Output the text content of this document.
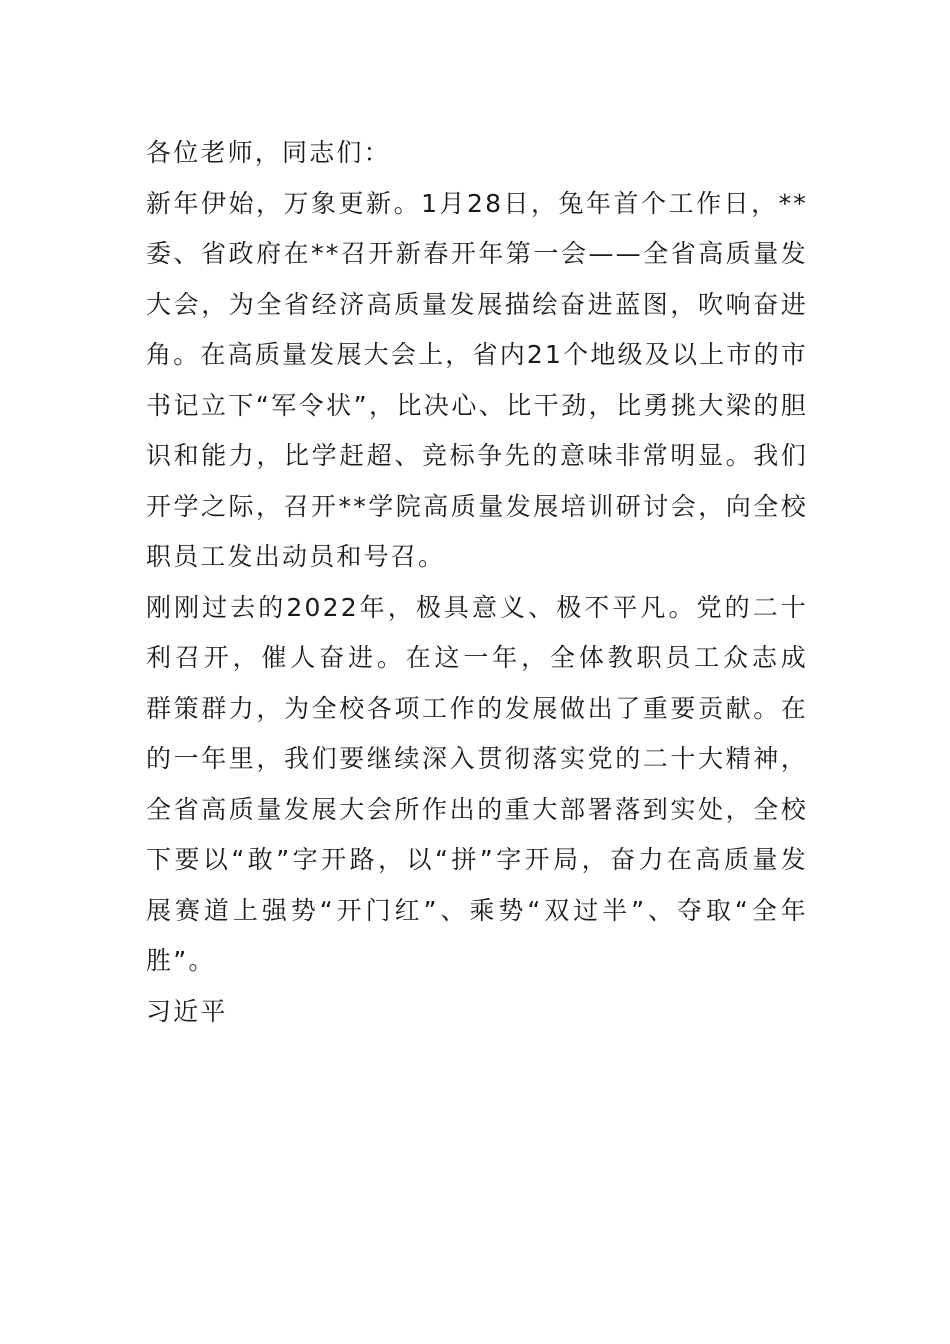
各位老师，同志们：
新年伊始，万象更新。1月28日，兔年首个工作日，**
委、省政府在**召开新春开年第一会——全省高质量发
大会，为全省经济高质量发展描绘奋进蓝图，吹响奋进
角。在高质量发展大会上，省内21个地级及以上市的市
书记立下“军令状”，比决心、比干劲，比勇挑大梁的胆
识和能力，比学赶超、竞标争先的意味非常明显。我们
开学之际，召开**学院高质量发展培训研讨会，向全校
职员工发出动员和号召。
刚刚过去的2022年，极具意义、极不平凡。党的二十
利召开，催人奋进。在这一年，全体教职员工众志成
群策群力，为全校各项工作的发展做出了重要贡献。在
的一年里，我们要继续深入贯彻落实党的二十大精神，
全省高质量发展大会所作出的重大部署落到实处，全校
下要以“敢”字开路，以“拼”字开局，奋力在高质量发
展赛道上强势“开门红”、乘势“双过半”、夺取“全年
胜”。
习近平
